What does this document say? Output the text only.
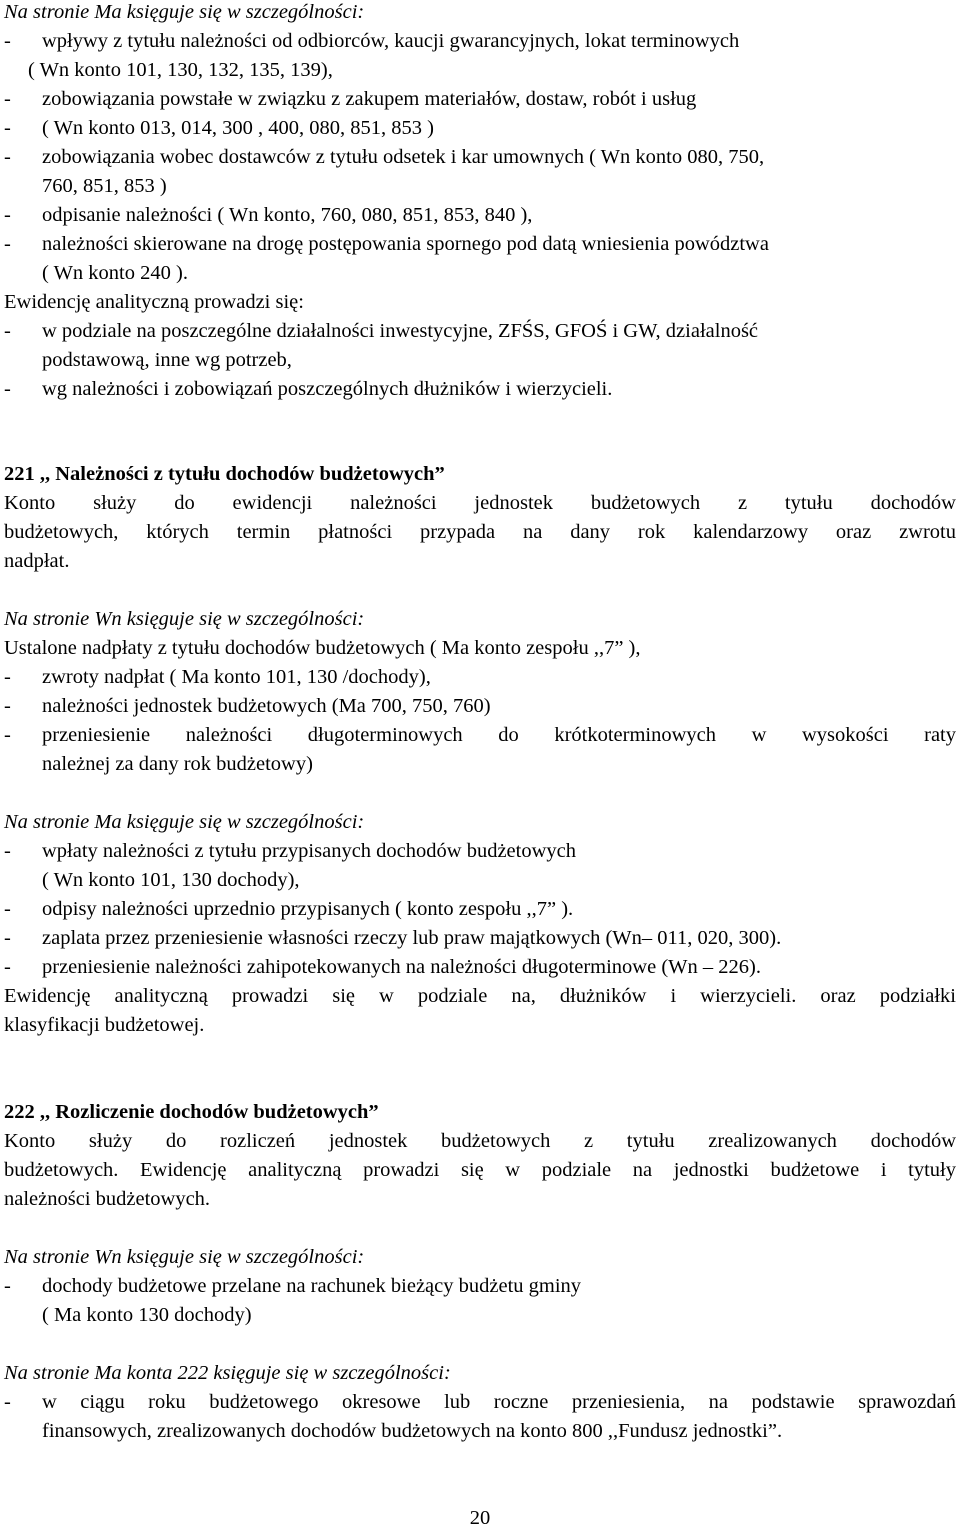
Na stronie Ma księguje się w szczególności:
-	wpływy z tytułu należności od odbiorców, kaucji gwarancyjnych, lokat terminowych
( Wn konto 101, 130, 132, 135, 139),
-	zobowiązania powstałe w związku z zakupem materiałów, dostaw, robót i usług
-	( Wn konto 013, 014, 300 , 400, 080, 851, 853 )
-	zobowiązania wobec dostawców z tytułu odsetek i kar umownych ( Wn konto 080, 750,
760, 851, 853 )
-	odpisanie należności ( Wn konto, 760, 080, 851, 853, 840 ),
-	należności skierowane na drogę postępowania spornego pod datą wniesienia powództwa
( Wn konto 240 ).
Ewidencję analityczną prowadzi się:
-	w podziale na poszczególne działalności inwestycyjne, ZFŚS, GFOŚ i GW, działalność
podstawową, inne wg potrzeb,
-	wg należności i zobowiązań poszczególnych dłużników i wierzycieli.
221 ,, Należności z tytułu dochodów budżetowych”
Konto służy do ewidencji należności jednostek budżetowych z tytułu dochodów
budżetowych, których termin płatności przypada na dany rok kalendarzowy oraz zwrotu
nadpłat.
Na stronie Wn księguje się w szczególności:
Ustalone nadpłaty z tytułu dochodów budżetowych ( Ma konto zespołu ,,7” ),
-	zwroty nadpłat ( Ma konto 101, 130 /dochody),
-	należności jednostek budżetowych (Ma 700, 750, 760)
-	przeniesienie należności długoterminowych do krótkoterminowych w wysokości raty
należnej za dany rok budżetowy)
Na stronie Ma księguje się w szczególności:
-	wpłaty należności z tytułu przypisanych dochodów budżetowych
( Wn konto 101, 130 dochody),
-	odpisy należności uprzednio przypisanych ( konto zespołu ,,7” ).
-	zaplata przez przeniesienie własności rzeczy lub praw majątkowych (Wn– 011, 020, 300).
-	przeniesienie należności zahipotekowanych na należności długoterminowe (Wn – 226).
Ewidencję analityczną prowadzi się w podziale na, dłużników i wierzycieli. oraz podziałki
klasyfikacji budżetowej.
222 ,, Rozliczenie dochodów budżetowych”
Konto służy do rozliczeń jednostek budżetowych z tytułu zrealizowanych dochodów
budżetowych. Ewidencję analityczną prowadzi się w podziale na jednostki budżetowe i tytuły
należności budżetowych.
Na stronie Wn księguje się w szczególności:
-	dochody budżetowe przelane na rachunek bieżący budżetu gminy
( Ma konto 130 dochody)
Na stronie Ma konta 222 księguje się w szczególności:
-	w ciągu roku budżetowego okresowe lub roczne przeniesienia, na podstawie sprawozdań
finansowych, zrealizowanych dochodów budżetowych na konto 800 ,,Fundusz jednostki”.
20
